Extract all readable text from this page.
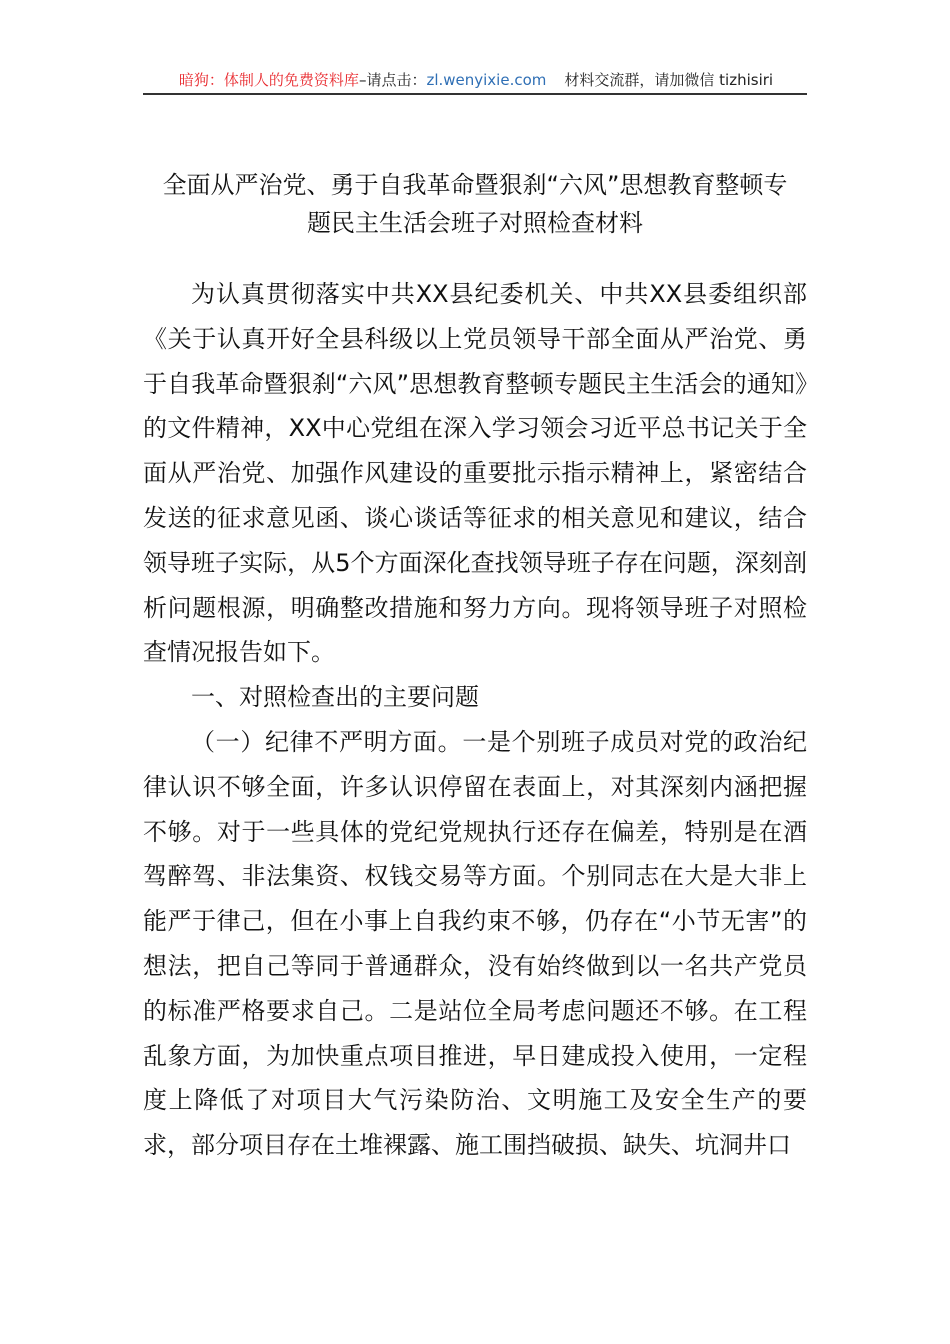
暗狗：体制人的免费资料库–请点击：zl.wenyixie.com 材料交流群，请加微信 tizhisiri
全面从严治党、勇于自我革命暨狠刹“六风”思想教育整顿专
题民主生活会班子对照检查材料

为认真贯彻落实中共XX县纪委机关、中共XX县委组织部《关于认真开好全县科级以上党员领导干部全面从严治党、勇于自我革命暨狠刹“六风”思想教育整顿专题民主生活会的通知》的文件精神，XX中心党组在深入学习领会习近平总书记关于全面从严治党、加强作风建设的重要批示指示精神上，紧密结合发送的征求意见函、谈心谈话等征求的相关意见和建议，结合领导班子实际，从5个方面深化查找领导班子存在问题，深刻剖析问题根源，明确整改措施和努力方向。现将领导班子对照检查情况报告如下。

一、对照检查出的主要问题

（一）纪律不严明方面。一是个别班子成员对党的政治纪律认识不够全面，许多认识停留在表面上，对其深刻内涵把握不够。对于一些具体的党纪党规执行还存在偏差，特别是在酒驾醉驾、非法集资、权钱交易等方面。个别同志在大是大非上能严于律己，但在小事上自我约束不够，仍存在“小节无害”的想法，把自己等同于普通群众，没有始终做到以一名共产党员的标准严格要求自己。二是站位全局考虑问题还不够。在工程乱象方面，为加快重点项目推进，早日建成投入使用，一定程度上降低了对项目大气污染防治、文明施工及安全生产的要求，部分项目存在土堆裸露、施工围挡破损、缺失、坑洞井口
